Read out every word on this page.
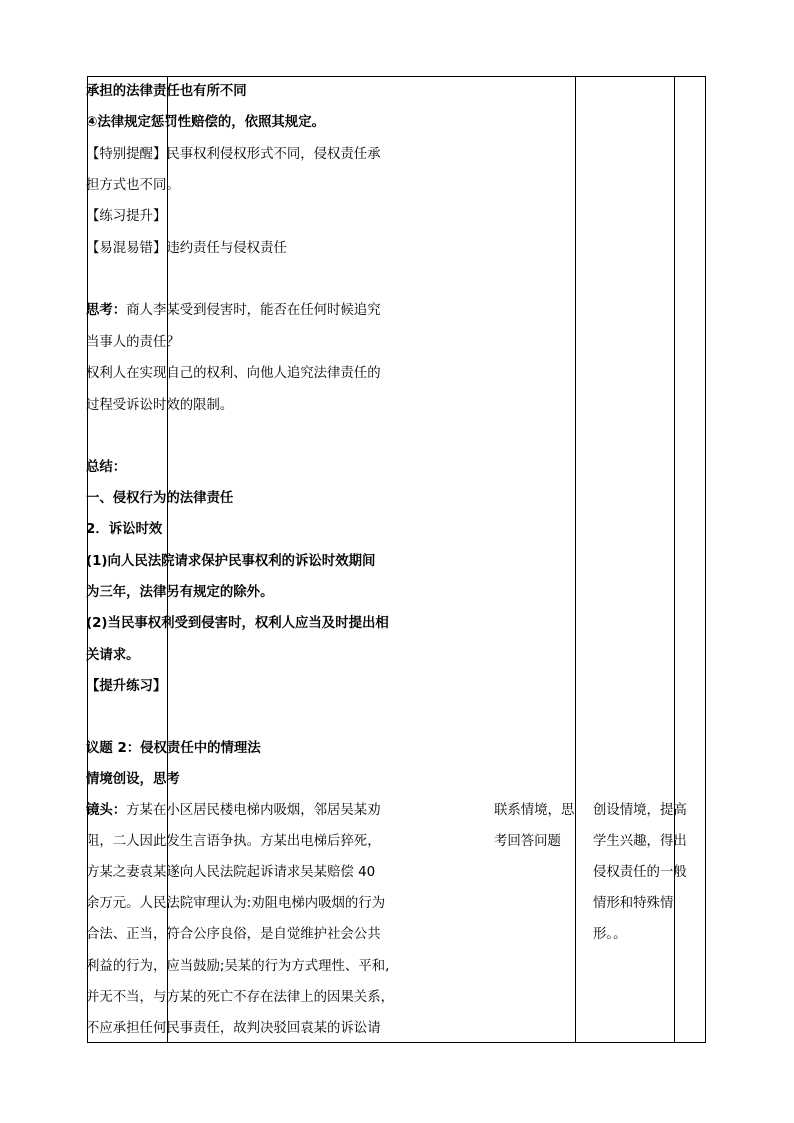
承担的法律责任也有所不同
④法律规定惩罚性赔偿的，依照其规定。
【特别提醒】民事权利侵权形式不同，侵权责任承
担方式也不同。
【练习提升】
【易混易错】违约责任与侵权责任
思考：商人李某受到侵害时，能否在任何时候追究
当事人的责任？
权利人在实现自己的权利、向他人追究法律责任的
过程受诉讼时效的限制。
总结：
一、侵权行为的法律责任
2．诉讼时效
(1)向人民法院请求保护民事权利的诉讼时效期间
为三年，法律另有规定的除外。
(2)当民事权利受到侵害时，权利人应当及时提出相
关请求。
【提升练习】
议题 2：侵权责任中的情理法
情境创设，思考
镜头：方某在小区居民楼电梯内吸烟，邻居吴某劝
阻，二人因此发生言语争执。方某出电梯后猝死，
方某之妻袁某遂向人民法院起诉请求吴某赔偿 40
余万元。人民法院审理认为:劝阻电梯内吸烟的行为
合法、正当，符合公序良俗，是自觉维护社会公共
利益的行为，应当鼓励;吴某的行为方式理性、平和,
并无不当，与方某的死亡不存在法律上的因果关系，
不应承担任何民事责任，故判决驳回袁某的诉讼请
联系情境，思
考回答问题
创设情境，提高
学生兴趣，得出
侵权责任的一般
情形和特殊情
形。。
